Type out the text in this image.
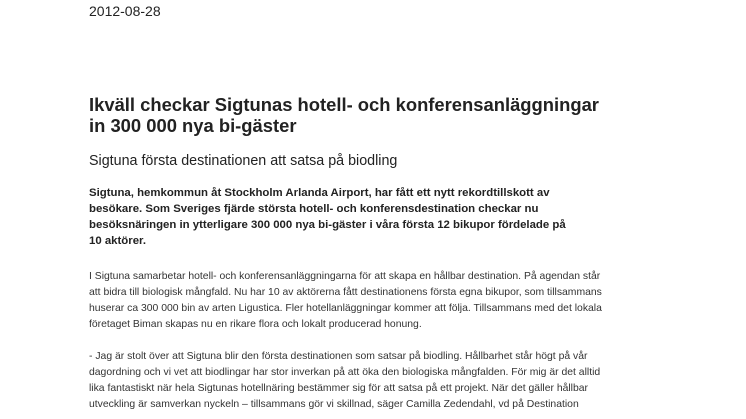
2012-08-28
Ikväll checkar Sigtunas hotell- och konferensanläggningar
in 300 000 nya bi-gäster

Sigtuna första destinationen att satsa på biodling

Sigtuna, hemkommun åt Stockholm Arlanda Airport, har fått ett nytt rekordtillskott av
besökare. Som Sveriges fjärde största hotell- och konferensdestination checkar nu
besöksnäringen in ytterligare 300 000 nya bi-gäster i våra första 12 bikupor fördelade på
10 aktörer.

I Sigtuna samarbetar hotell- och konferensanläggningarna för att skapa en hållbar destination. På agendan står
att bidra till biologisk mångfald. Nu har 10 av aktörerna fått destinationens första egna bikupor, som tillsammans
huserar ca 300 000 bin av arten Ligustica. Fler hotellanläggningar kommer att följa. Tillsammans med det lokala
företaget Biman skapas nu en rikare flora och lokalt producerad honung.

- Jag är stolt över att Sigtuna blir den första destinationen som satsar på biodling. Hållbarhet står högt på vår
dagordning och vi vet att biodlingar har stor inverkan på att öka den biologiska mångfalden. För mig är det alltid
lika fantastiskt när hela Sigtunas hotellnäring bestämmer sig för att satsa på ett projekt. När det gäller hållbar
utveckling är samverkan nyckeln – tillsammans gör vi skillnad, säger Camilla Zedendahl, vd på Destination
